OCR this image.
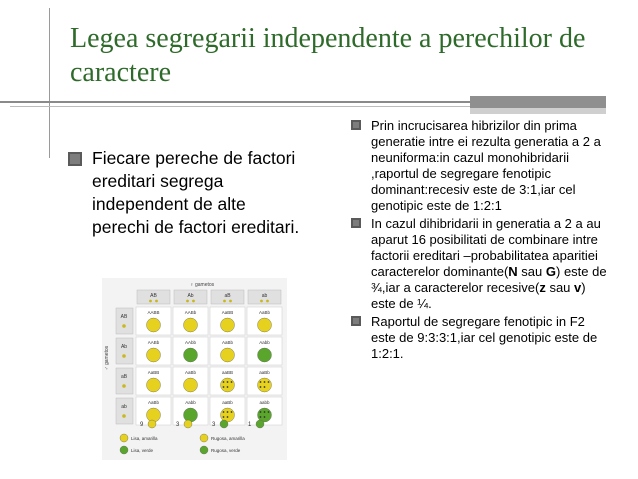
Legea segregarii independente a perechilor de caractere
Fiecare pereche de factori ereditari segrega independent de alte perechi de factori ereditari.
Prin incrucisarea hibrizilor din prima generatie intre ei rezulta generatia a 2 a neuniforma:in cazul monohibridarii ,raportul de segregare fenotipic dominant:recesiv este de 3:1,iar cel genotipic este de 1:2:1
In cazul dihibridarii in generatia a 2 a au aparut 16 posibilitati de combinare intre factorii ereditari –probabilitatea aparitiei caracterelor dominante(N sau G) este de ¾,iar a caracterelor recesive(z sau v) este de ¼.
Raportul de segregare fenotipic in F2 este de 9:3:3:1,iar cel genotipic este de 1:2:1.
♀ gametos
♂ gametos
AB	Ab	aB	ab
AB
AABB	AABb	AaBB	AaBb
Ab
AABb	AAbb	AaBb	Aabb
aB
AaBB	AaBb	aaBB	aaBb
ab
AaBb	Aabb	aaBb	aabb
9	3	3	1
Lisa, amarilla	Rugosa, amarilla
Lisa, verde	Rugosa, verde
